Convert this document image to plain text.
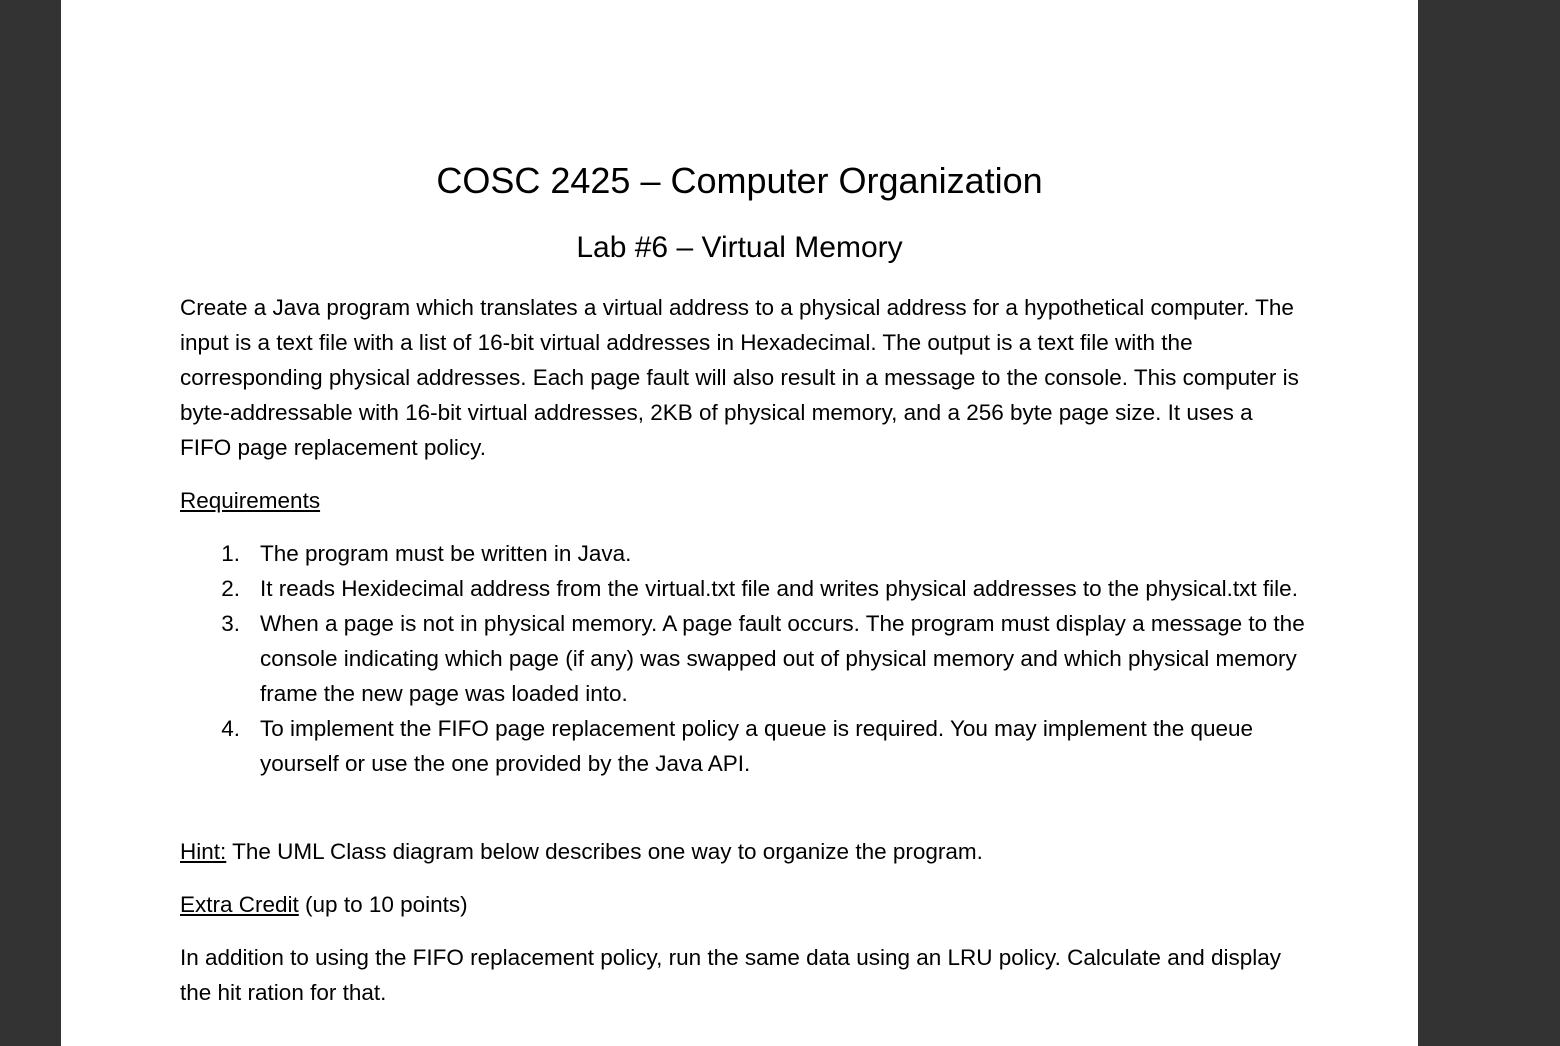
COSC 2425 – Computer Organization
Lab #6 – Virtual Memory
Create a Java program which translates a virtual address to a physical address for a hypothetical computer. The input is a text file with a list of 16-bit virtual addresses in Hexadecimal. The output is a text file with the corresponding physical addresses. Each page fault will also result in a message to the console. This computer is byte-addressable with 16-bit virtual addresses, 2KB of physical memory, and a 256 byte page size. It uses a FIFO page replacement policy.
Requirements
1. The program must be written in Java.
2. It reads Hexidecimal address from the virtual.txt file and writes physical addresses to the physical.txt file.
3. When a page is not in physical memory. A page fault occurs. The program must display a message to the console indicating which page (if any) was swapped out of physical memory and which physical memory frame the new page was loaded into.
4. To implement the FIFO page replacement policy a queue is required. You may implement the queue yourself or use the one provided by the Java API.
Hint: The UML Class diagram below describes one way to organize the program.
Extra Credit (up to 10 points)
In addition to using the FIFO replacement policy, run the same data using an LRU policy. Calculate and display the hit ration for that.
